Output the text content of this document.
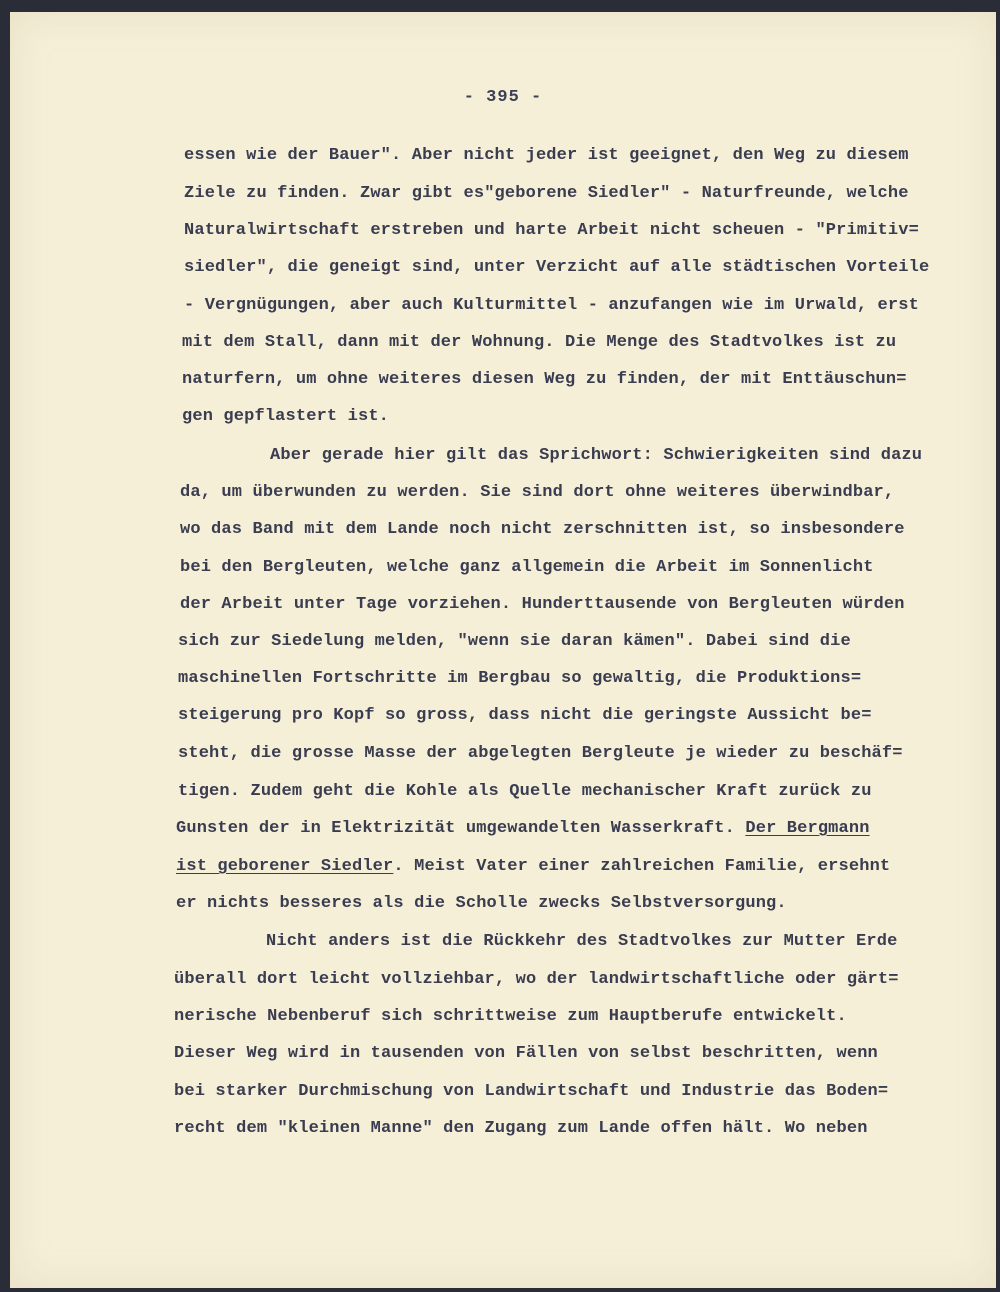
- 395 -
essen wie der Bauer". Aber nicht jeder ist geeignet, den Weg zu diesem
Ziele zu finden. Zwar gibt es"geborene Siedler" - Naturfreunde, welche
Naturalwirtschaft erstreben und harte Arbeit nicht scheuen - "Primitiv=
siedler", die geneigt sind, unter Verzicht auf alle städtischen Vorteile
- Vergnügungen, aber auch Kulturmittel - anzufangen wie im Urwald, erst
mit dem Stall, dann mit der Wohnung. Die Menge des Stadtvolkes ist zu
naturfern, um ohne weiteres diesen Weg zu finden, der mit Enttäuschun=
gen gepflastert ist.
Aber gerade hier gilt das Sprichwort: Schwierigkeiten sind dazu
da, um überwunden zu werden. Sie sind dort ohne weiteres überwindbar,
wo das Band mit dem Lande noch nicht zerschnitten ist, so insbesondere
bei den Bergleuten, welche ganz allgemein die Arbeit im Sonnenlicht
der Arbeit unter Tage vorziehen. Hunderttausende von Bergleuten würden
sich zur Siedelung melden, "wenn sie daran kämen". Dabei sind die
maschinellen Fortschritte im Bergbau so gewaltig, die Produktions=
steigerung pro Kopf so gross, dass nicht die geringste Aussicht be=
steht, die grosse Masse der abgelegten Bergleute je wieder zu beschäf=
tigen. Zudem geht die Kohle als Quelle mechanischer Kraft zurück zu
Gunsten der in Elektrizität umgewandelten Wasserkraft. Der Bergmann
ist geborener Siedler. Meist Vater einer zahlreichen Familie, ersehnt
er nichts besseres als die Scholle zwecks Selbstversorgung.
Nicht anders ist die Rückkehr des Stadtvolkes zur Mutter Erde
überall dort leicht vollziehbar, wo der landwirtschaftliche oder gärt=
nerische Nebenberuf sich schrittweise zum Hauptberufe entwickelt.
Dieser Weg wird in tausenden von Fällen von selbst beschritten, wenn
bei starker Durchmischung von Landwirtschaft und Industrie das Boden=
recht dem "kleinen Manne" den Zugang zum Lande offen hält. Wo neben
